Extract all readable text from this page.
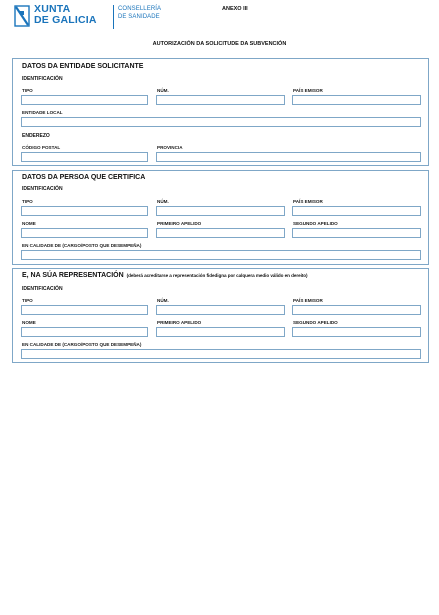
XUNTA
DE GALICIA
CONSELLERÍA
DE SANIDADE
ANEXO III
AUTORIZACIÓN DA SOLICITUDE DA SUBVENCIÓN
DATOS DA ENTIDADE SOLICITANTE
IDENTIFICACIÓN
TIPO	NÚM.	PAÍS EMISOR
ENTIDADE LOCAL
ENDEREZO
CÓDIGO POSTAL	PROVINCIA
DATOS DA PERSOA QUE CERTIFICA
IDENTIFICACIÓN
TIPO	NÚM.	PAÍS EMISOR
NOME	PRIMEIRO APELIDO	SEGUNDO APELIDO
EN CALIDADE DE (CARGO/POSTO QUE DESEMPEÑA)
E, NA SÚA REPRESENTACIÓN (deberá acreditarse a representación fidedigna por calquera medio válido en dereito)
IDENTIFICACIÓN
TIPO	NÚM.	PAÍS EMISOR
NOME	PRIMEIRO APELIDO	SEGUNDO APELIDO
EN CALIDADE DE (CARGO/POSTO QUE DESEMPEÑA)
